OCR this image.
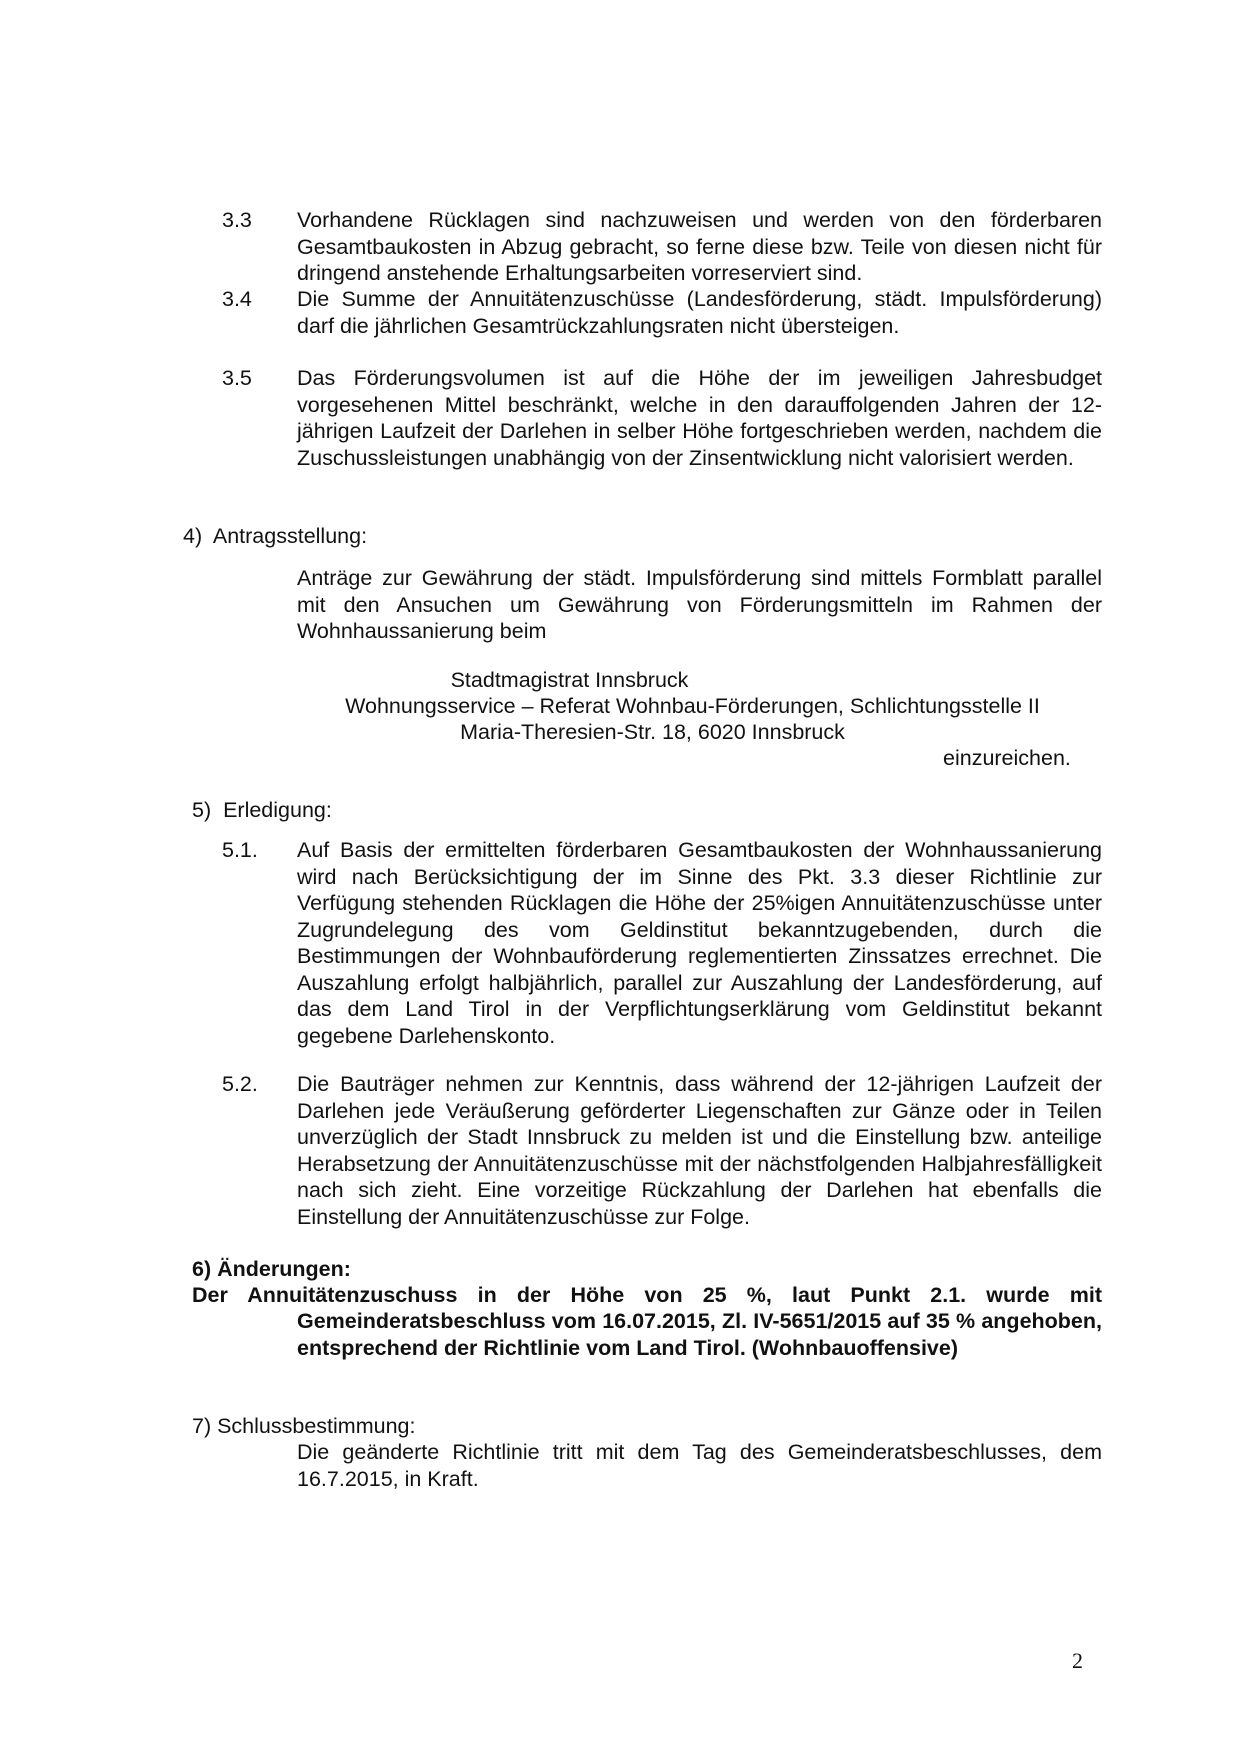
3.3 Vorhandene Rücklagen sind nachzuweisen und werden von den förderbaren Gesamtbaukosten in Abzug gebracht, so ferne diese bzw. Teile von diesen nicht für dringend anstehende Erhaltungsarbeiten vorreserviert sind.
3.4 Die Summe der Annuitätenzuschüsse (Landesförderung, städt. Impulsförderung) darf die jährlichen Gesamtrückzahlungsraten nicht übersteigen.
3.5 Das Förderungsvolumen ist auf die Höhe der im jeweiligen Jahresbudget vorgesehenen Mittel beschränkt, welche in den darauffolgenden Jahren der 12-jährigen Laufzeit der Darlehen in selber Höhe fortgeschrieben werden, nachdem die Zuschussleistungen unabhängig von der Zinsentwicklung nicht valorisiert werden.
4)  Antragsstellung:
Anträge zur Gewährung der städt. Impulsförderung sind mittels Formblatt parallel mit den Ansuchen um Gewährung von Förderungsmitteln im Rahmen der Wohnhaussanierung beim
Stadtmagistrat Innsbruck
Wohnungsservice – Referat Wohnbau-Förderungen, Schlichtungsstelle II
Maria-Theresien-Str. 18, 6020 Innsbruck
einzureichen.
5)  Erledigung:
5.1. Auf Basis der ermittelten förderbaren Gesamtbaukosten der Wohnhaussanierung wird nach Berücksichtigung der im Sinne des Pkt. 3.3 dieser Richtlinie zur Verfügung stehenden Rücklagen die Höhe der 25%igen Annuitätenzuschüsse unter Zugrundelegung des vom Geldinstitut bekanntzugebenden, durch die Bestimmungen der Wohnbauförderung reglementierten Zinssatzes errechnet. Die Auszahlung erfolgt halbjährlich, parallel zur Auszahlung der Landesförderung, auf das dem Land Tirol in der Verpflichtungserklärung vom Geldinstitut bekannt gegebene Darlehenskonto.
5.2. Die Bauträger nehmen zur Kenntnis, dass während der 12-jährigen Laufzeit der Darlehen jede Veräußerung geförderter Liegenschaften zur Gänze oder in Teilen unverzüglich der Stadt Innsbruck zu melden ist und die Einstellung bzw. anteilige Herabsetzung der Annuitätenzuschüsse mit der nächstfolgenden Halbjahresfälligkeit nach sich zieht. Eine vorzeitige Rückzahlung der Darlehen hat ebenfalls die Einstellung der Annuitätenzuschüsse zur Folge.
6) Änderungen:
Der Annuitätenzuschuss in der Höhe von 25 %, laut Punkt 2.1. wurde mit
Gemeinderatsbeschluss vom 16.07.2015, Zl. IV-5651/2015 auf 35 % angehoben, entsprechend der Richtlinie vom Land Tirol. (Wohnbauoffensive)
7) Schlussbestimmung:
Die geänderte Richtlinie tritt mit dem Tag des Gemeinderatsbeschlusses, dem 16.7.2015, in Kraft.
2
